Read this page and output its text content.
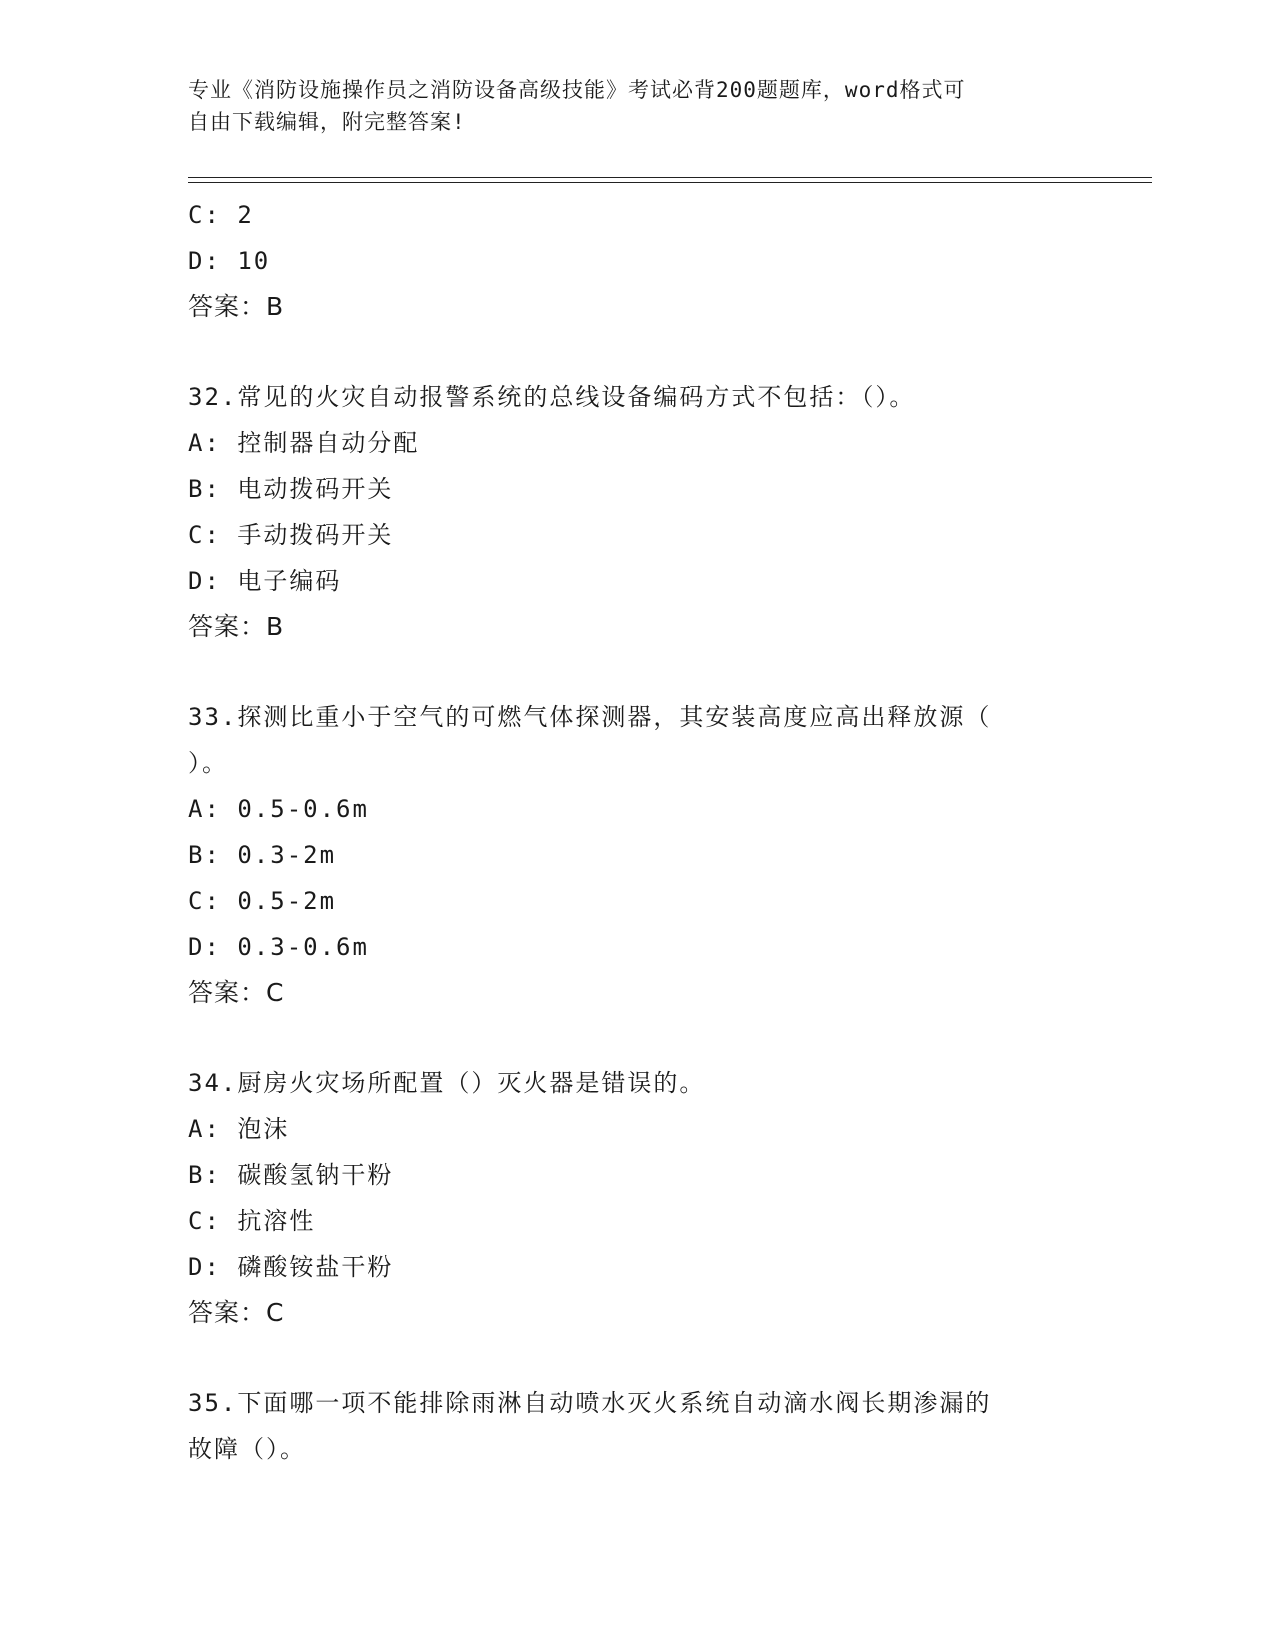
专业《消防设施操作员之消防设备高级技能》考试必背200题题库，word格式可
自由下载编辑，附完整答案!
C: 2
D: 10
答案：B
32.常见的火灾自动报警系统的总线设备编码方式不包括：（）。
A: 控制器自动分配
B: 电动拨码开关
C: 手动拨码开关
D: 电子编码
答案：B
33.探测比重小于空气的可燃气体探测器，其安装高度应高出释放源（
）。
A: 0.5-0.6m
B: 0.3-2m
C: 0.5-2m
D: 0.3-0.6m
答案：C
34.厨房火灾场所配置（）灭火器是错误的。
A: 泡沫
B: 碳酸氢钠干粉
C: 抗溶性
D: 磷酸铵盐干粉
答案：C
35.下面哪一项不能排除雨淋自动喷水灭火系统自动滴水阀长期渗漏的
故障（）。
